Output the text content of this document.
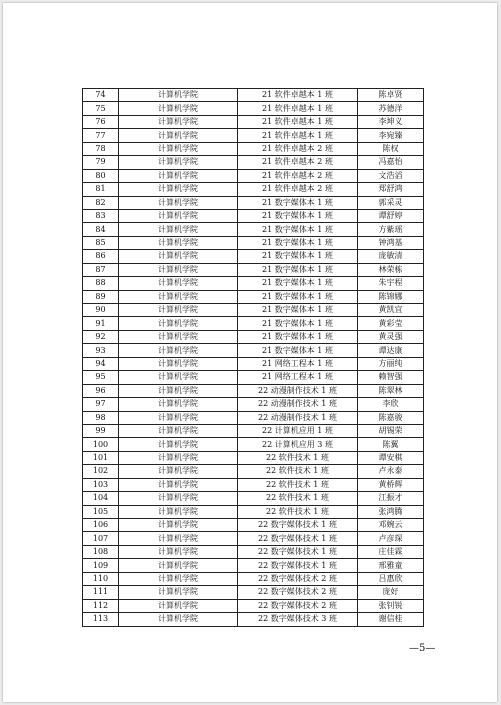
74	计算机学院	21 软件卓越本 1 班	陈卓贤
75	计算机学院	21 软件卓越本 1 班	苏德洋
76	计算机学院	21 软件卓越本 1 班	李坤义
77	计算机学院	21 软件卓越本 1 班	李宛臻
78	计算机学院	21 软件卓越本 2 班	陈权
79	计算机学院	21 软件卓越本 2 班	冯嘉怡
80	计算机学院	21 软件卓越本 2 班	文浩滔
81	计算机学院	21 软件卓越本 2 班	郑舒鸿
82	计算机学院	21 数字媒体本 1 班	郭采灵
83	计算机学院	21 数字媒体本 1 班	谭舒婷
84	计算机学院	21 数字媒体本 1 班	方紫瑶
85	计算机学院	21 数字媒体本 1 班	钟鸿基
86	计算机学院	21 数字媒体本 1 班	庞敏清
87	计算机学院	21 数字媒体本 1 班	林荣栋
88	计算机学院	21 数字媒体本 1 班	朱宇程
89	计算机学院	21 数字媒体本 1 班	陈锦娜
90	计算机学院	21 数字媒体本 1 班	黄凯宜
91	计算机学院	21 数字媒体本 1 班	黄彩莹
92	计算机学院	21 数字媒体本 1 班	黄灵强
93	计算机学院	21 数字媒体本 1 班	谭达康
94	计算机学院	21 网络工程本 1 班	方丽纯
95	计算机学院	21 网络工程本 1 班	赖智强
96	计算机学院	22 动漫制作技术 1 班	陈翠林
97	计算机学院	22 动漫制作技术 1 班	李欣
98	计算机学院	22 动漫制作技术 1 班	陈嘉骏
99	计算机学院	22 计算机应用 1 班	胡锡荣
100	计算机学院	22 计算机应用 3 班	陈翼
101	计算机学院	22 软件技术 1 班	谭安棋
102	计算机学院	22 软件技术 1 班	卢永泰
103	计算机学院	22 软件技术 1 班	黄桥辉
104	计算机学院	22 软件技术 1 班	江振才
105	计算机学院	22 软件技术 1 班	张鸿腾
106	计算机学院	22 数字媒体技术 1 班	邓婉云
107	计算机学院	22 数字媒体技术 1 班	卢彦琛
108	计算机学院	22 数字媒体技术 1 班	庄佳霖
109	计算机学院	22 数字媒体技术 1 班	邢雅童
110	计算机学院	22 数字媒体技术 2 班	吕惠欣
111	计算机学院	22 数字媒体技术 2 班	庞好
112	计算机学院	22 数字媒体技术 2 班	张钊锐
113	计算机学院	22 数字媒体技术 3 班	谢信桂
—5—
